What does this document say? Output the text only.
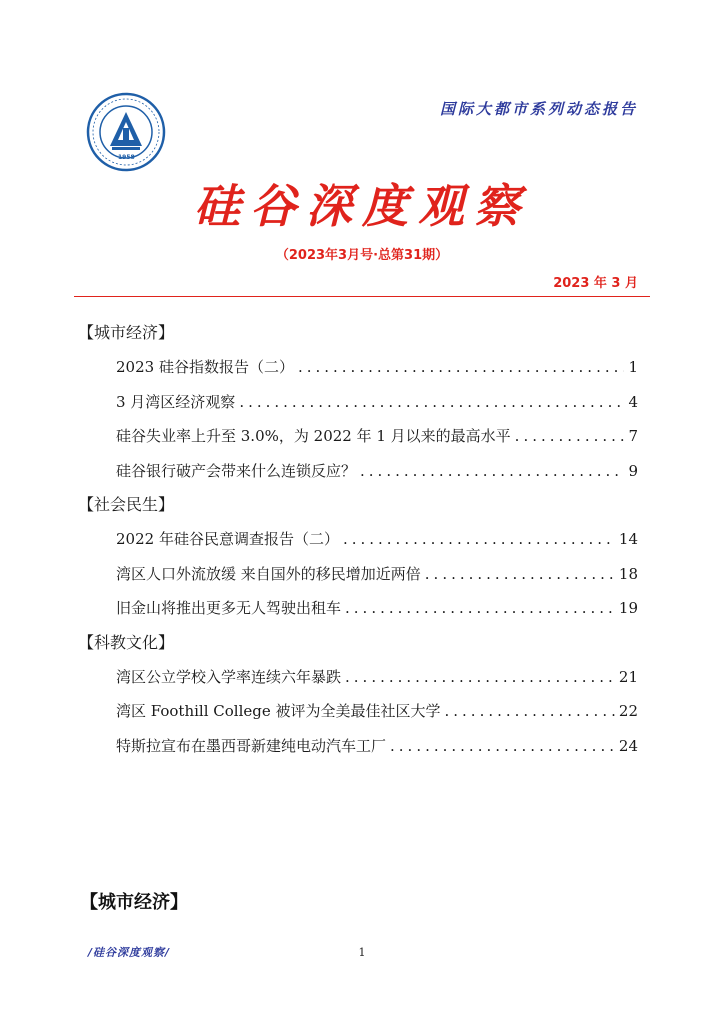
1958
国际大都市系列动态报告
硅谷深度观察
（2023年3月号·总第31期）
2023 年 3 月
【城市经济】
2023 硅谷指数报告（二） .....	1
3 月湾区经济观察 .....	4
硅谷失业率上升至 3.0%，为 2022 年 1 月以来的最高水平 .....	7
硅谷银行破产会带来什么连锁反应？ .....	9
【社会民生】
2022 年硅谷民意调查报告（二） .....	14
湾区人口外流放缓 来自国外的移民增加近两倍 .....	18
旧金山将推出更多无人驾驶出租车 .....	19
【科教文化】
湾区公立学校入学率连续六年暴跌 .....	21
湾区 Foothill College 被评为全美最佳社区大学 .....	22
特斯拉宣布在墨西哥新建纯电动汽车工厂 .....	24
【城市经济】
/硅谷深度观察/	1
